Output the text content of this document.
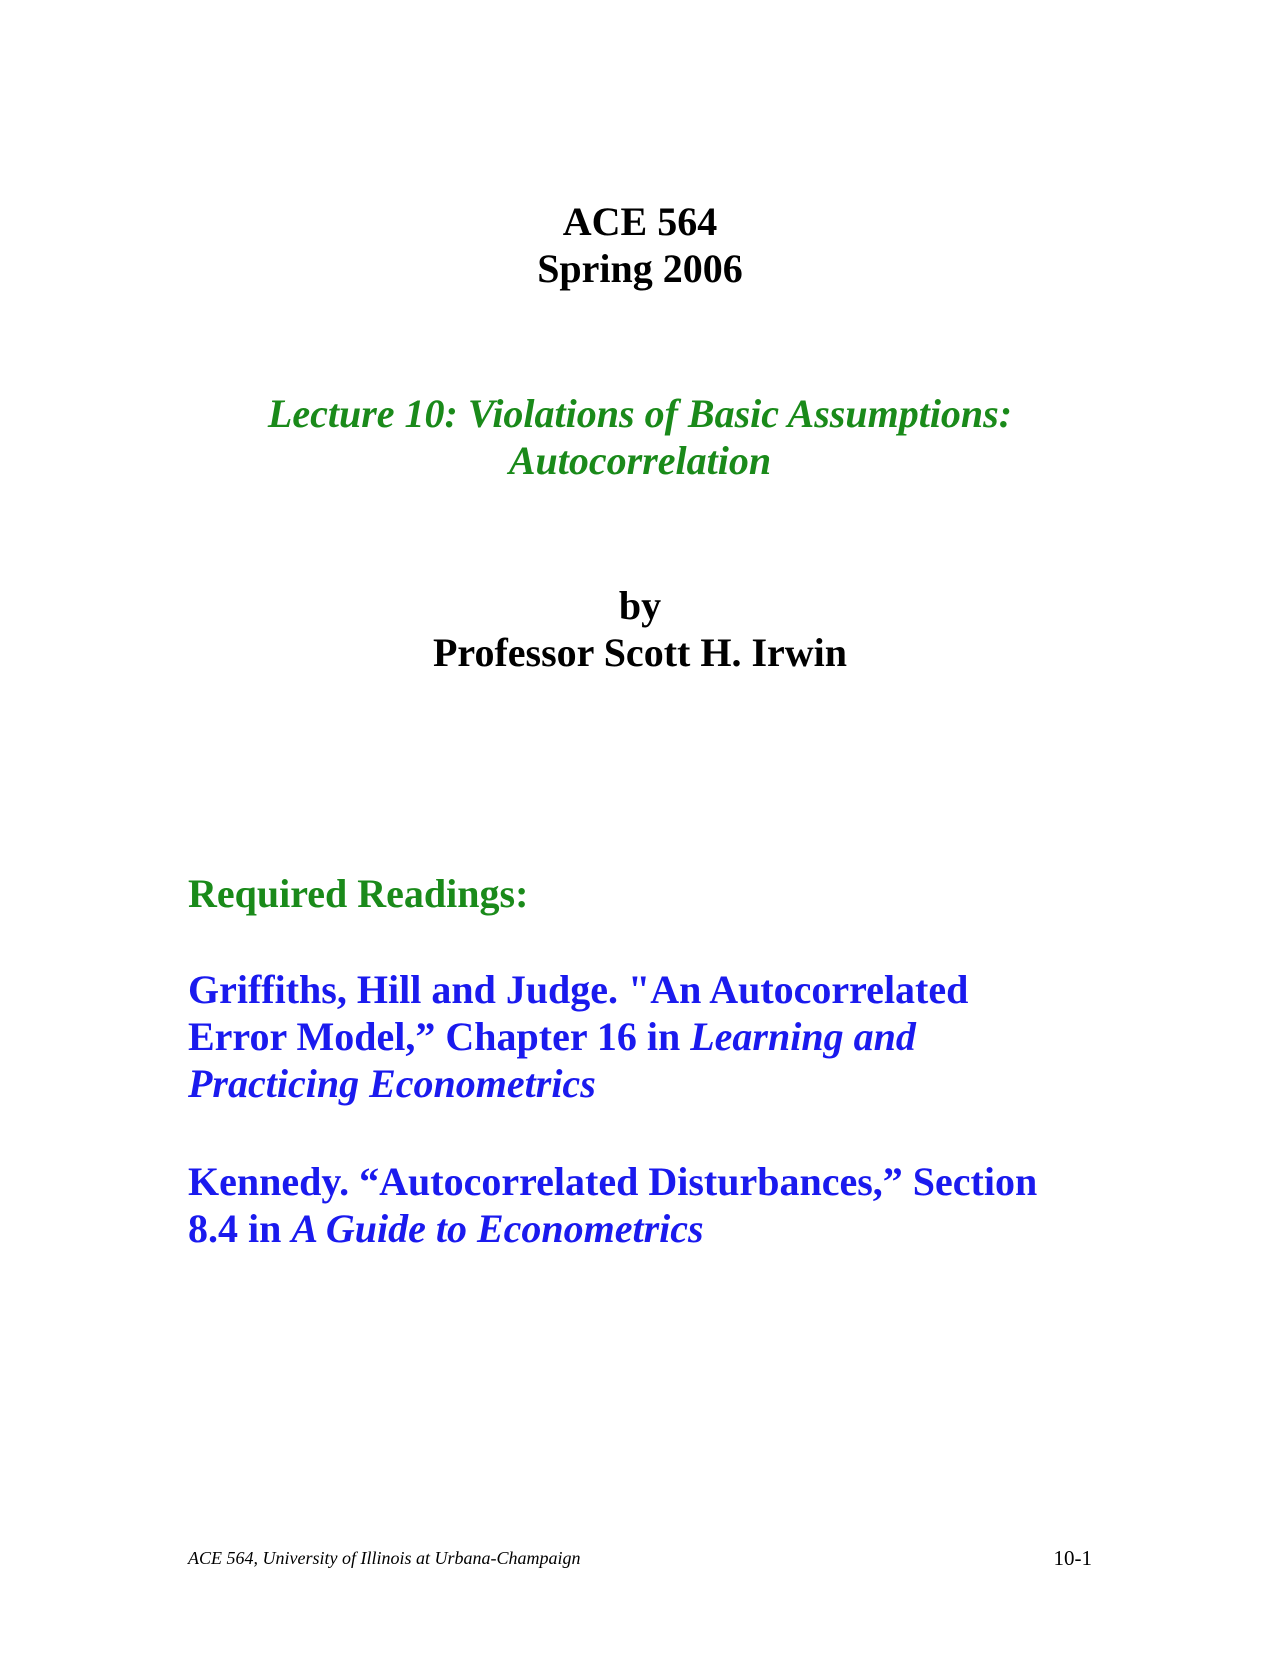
ACE 564
Spring 2006
Lecture 10: Violations of Basic Assumptions:
Autocorrelation
by
Professor Scott H. Irwin
Required Readings:
Griffiths, Hill and Judge. "An Autocorrelated
Error Model,” Chapter 16 in Learning and
Practicing Econometrics
Kennedy. “Autocorrelated Disturbances,” Section
8.4 in A Guide to Econometrics
ACE 564, University of Illinois at Urbana-Champaign	10-1
